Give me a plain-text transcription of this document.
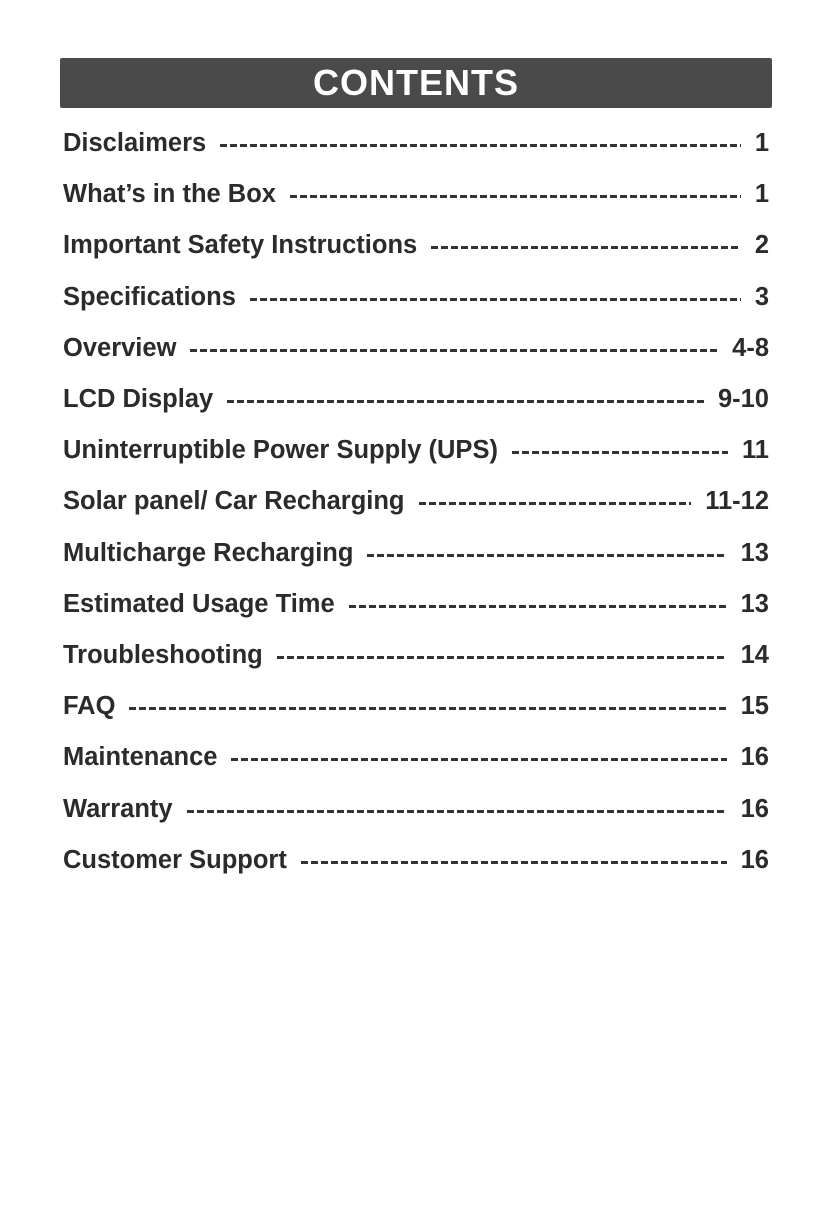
CONTENTS
Disclaimers	1
What’s in the Box	1
Important Safety Instructions	2
Specifications	3
Overview	4-8
LCD Display	9-10
Uninterruptible Power Supply (UPS)	11
Solar panel/ Car Recharging	11-12
Multicharge Recharging	13
Estimated Usage Time	13
Troubleshooting	14
FAQ	15
Maintenance	16
Warranty	16
Customer Support	16
